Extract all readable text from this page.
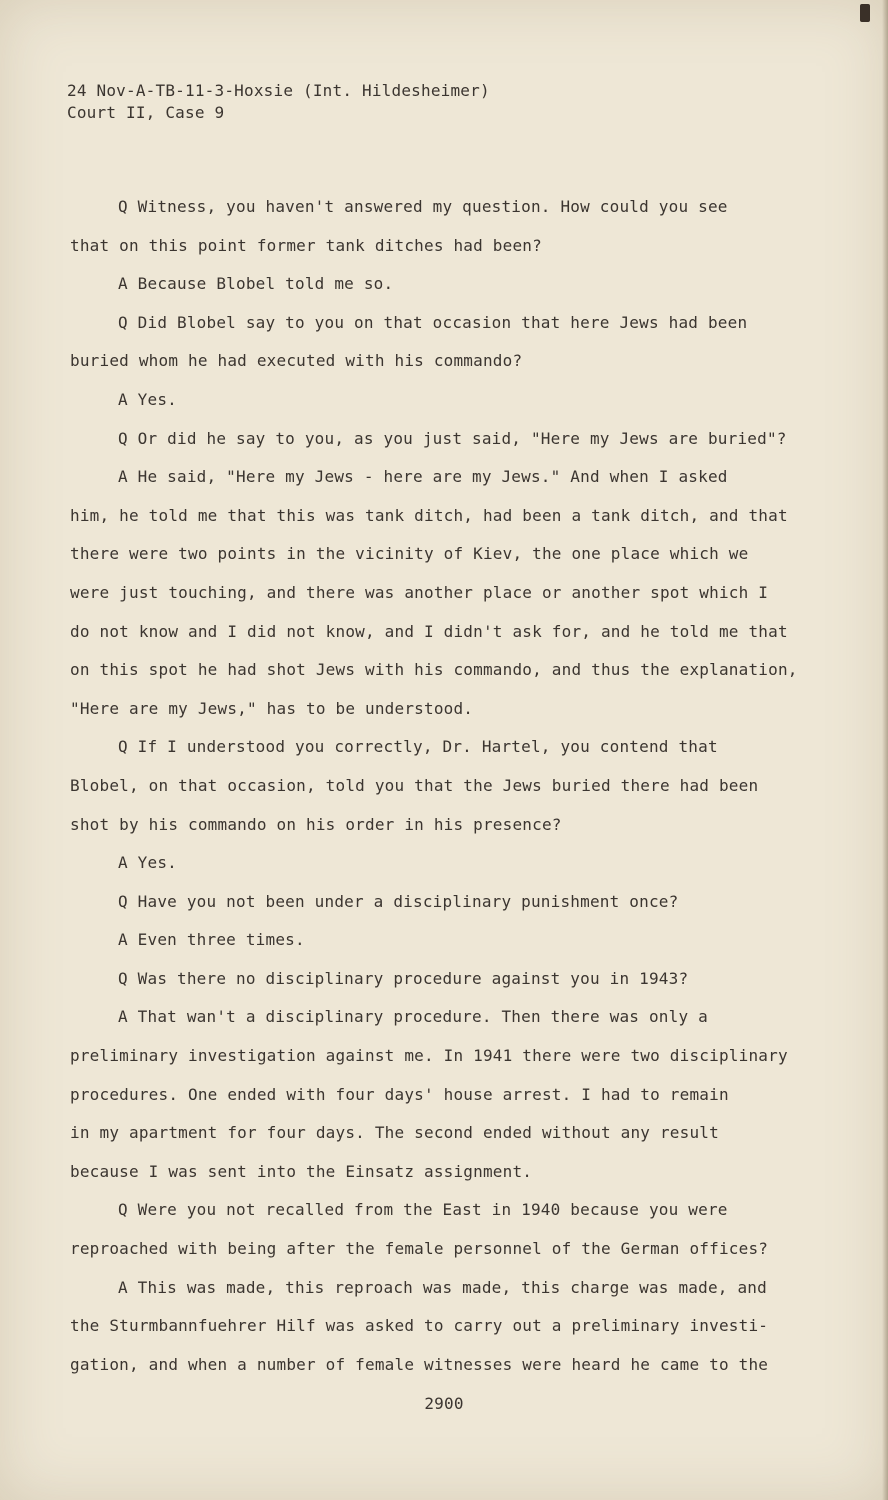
24 Nov-A-TB-11-3-Hoxsie (Int. Hildesheimer)
Court II, Case 9
Q Witness, you haven't answered my question. How could you see
that on this point former tank ditches had been?
A Because Blobel told me so.
Q Did Blobel say to you on that occasion that here Jews had been
buried whom he had executed with his commando?
A Yes.
Q Or did he say to you, as you just said, "Here my Jews are buried"?
A He said, "Here my Jews - here are my Jews." And when I asked
him, he told me that this was tank ditch, had been a tank ditch, and that
there were two points in the vicinity of Kiev, the one place which we
were just touching, and there was another place or another spot which I
do not know and I did not know, and I didn't ask for, and he told me that
on this spot he had shot Jews with his commando, and thus the explanation,
"Here are my Jews," has to be understood.
Q If I understood you correctly, Dr. Hartel, you contend that
Blobel, on that occasion, told you that the Jews buried there had been
shot by his commando on his order in his presence?
A Yes.
Q Have you not been under a disciplinary punishment once?
A Even three times.
Q Was there no disciplinary procedure against you in 1943?
A That wan't a disciplinary procedure. Then there was only a
preliminary investigation against me. In 1941 there were two disciplinary
procedures. One ended with four days' house arrest. I had to remain
in my apartment for four days. The second ended without any result
because I was sent into the Einsatz assignment.
Q Were you not recalled from the East in 1940 because you were
reproached with being after the female personnel of the German offices?
A This was made, this reproach was made, this charge was made, and
the Sturmbannfuehrer Hilf was asked to carry out a preliminary investi-
gation, and when a number of female witnesses were heard he came to the
2900
